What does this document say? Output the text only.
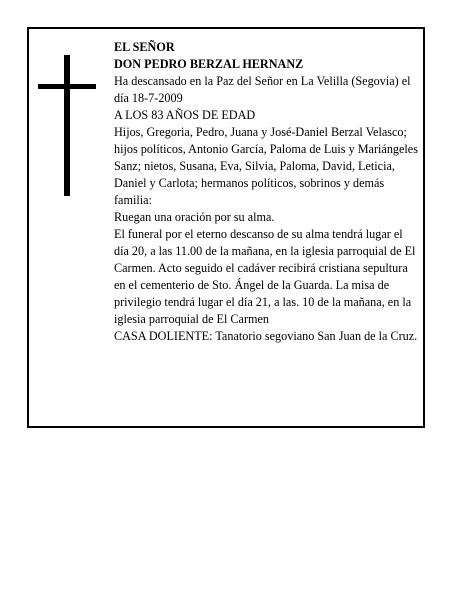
EL SEÑOR

DON PEDRO BERZAL HERNANZ

Ha descansado en la Paz del Señor en La Velilla (Segovia) el día 18-7-2009

A LOS 83 AÑOS DE EDAD

Hijos, Gregoria, Pedro, Juana y José-Daniel Berzal Velasco; hijos políticos, Antonio García, Paloma de Luis y Mariángeles Sanz; nietos, Susana, Eva, Silvia, Paloma, David, Leticia, Daniel y Carlota; hermanos políticos, sobrinos y demás familia:

Ruegan una oración por su alma.

El funeral por el eterno descanso de su alma tendrá lugar el día 20, a las 11.00 de la mañana, en la iglesia parroquial de El Carmen. Acto seguido el cadáver recibirá cristiana sepultura en el cementerio de Sto. Ángel de la Guarda. La misa de privilegio tendrá lugar el día 21, a las. 10 de la mañana, en la iglesia parroquial de El Carmen

CASA DOLIENTE: Tanatorio segoviano San Juan de la Cruz.
